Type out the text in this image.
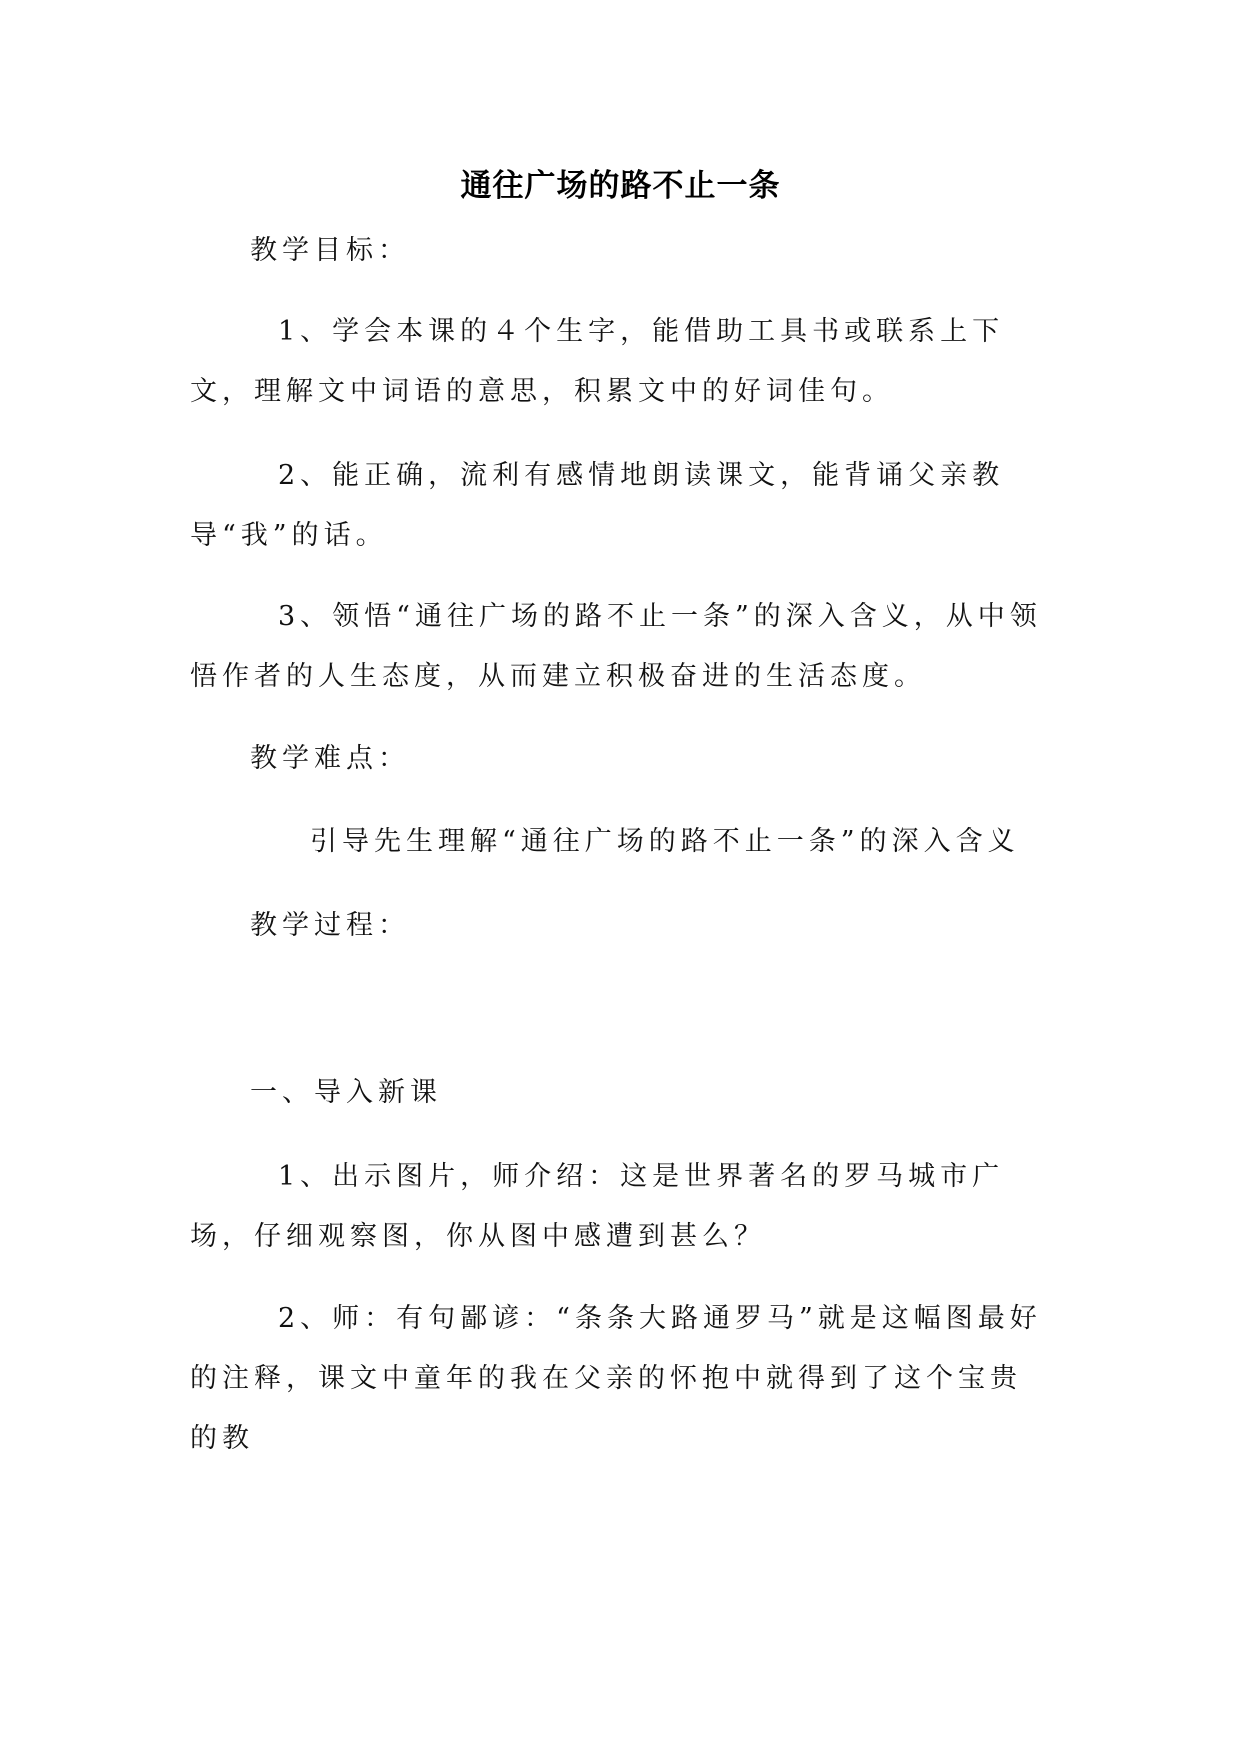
通往广场的路不止一条

教学目标：

1、学会本课的４个生字，能借助工具书或联系上下文，理解文中词语的意思，积累文中的好词佳句。

2、能正确，流利有感情地朗读课文，能背诵父亲教导“我”的话。

3、领悟“通往广场的路不止一条”的深入含义，从中领悟作者的人生态度，从而建立积极奋进的生活态度。

教学难点：

引导先生理解“通往广场的路不止一条”的深入含义

教学过程：

一、导入新课

1、出示图片，师介绍：这是世界著名的罗马城市广场，仔细观察图，你从图中感遭到甚么？

2、师：有句鄙谚：“条条大路通罗马”就是这幅图最好的注释，课文中童年的我在父亲的怀抱中就得到了这个宝贵的教
